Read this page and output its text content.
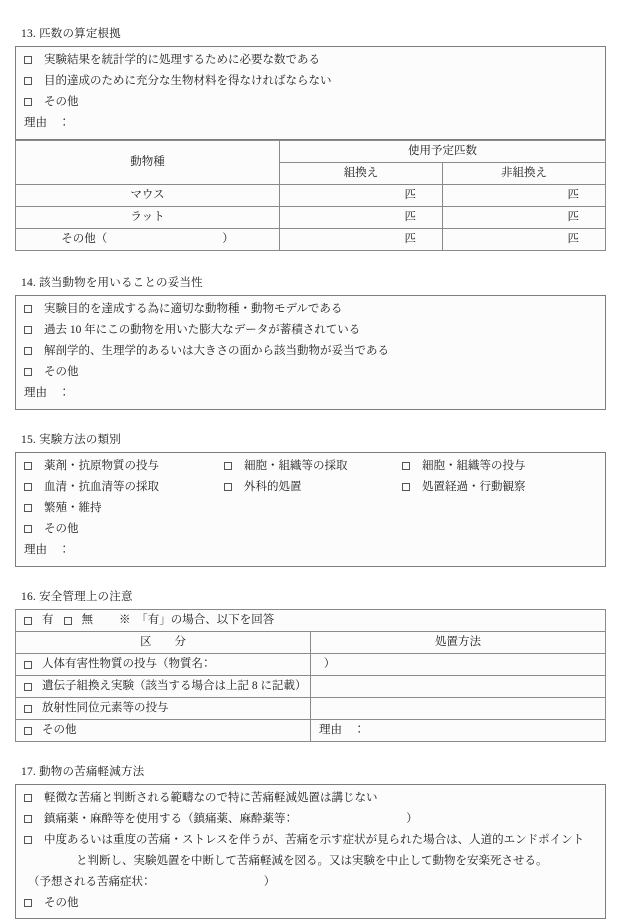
13. 匹数の算定根拠
実験結果を統計学的に処理するために必要な数である
目的達成のために充分な生物材料を得なければならない
その他
理由　：
動物種	使用予定匹数	
	組換え	非組換え
マウス	匹	匹
ラット	匹	匹
その他（　　　　　　　　　　）	匹	匹
14. 該当動物を用いることの妥当性
実験目的を達成する為に適切な動物種・動物モデルである
過去 10 年にこの動物を用いた膨大なデータが蓄積されている
解剖学的、生理学的あるいは大きさの面から該当動物が妥当である
その他
理由　：
15. 実験方法の類別
薬剤・抗原物質の投与	細胞・組織等の採取	細胞・組織等の投与
血清・抗血清等の採取	外科的処置	処置経過・行動観察
繁殖・維持
その他
理由　：
16. 安全管理上の注意
有 無 ※　「有」の場合、以下を回答	

区　　分	処置方法

人体有害性物質の投与（物質名：　　　　　　　　　　）	

遺伝子組換え実験（該当する場合は上記 8 に記載）	

放射性同位元素等の投与	

その他	理由　：
17. 動物の苦痛軽減方法
軽微な苦痛と判断される範疇なので特に苦痛軽減処置は講じない
鎮痛薬・麻酔等を使用する（鎮痛薬、麻酔薬等：　　　　　　　　　　）
中度あるいは重度の苦痛・ストレスを伴うが、苦痛を示す症状が見られた場合は、人道的エンドポイント
と判断し、実験処置を中断して苦痛軽減を図る。又は実験を中止して動物を安楽死させる。
（予想される苦痛症状：　　　　　　　　　　）
その他
